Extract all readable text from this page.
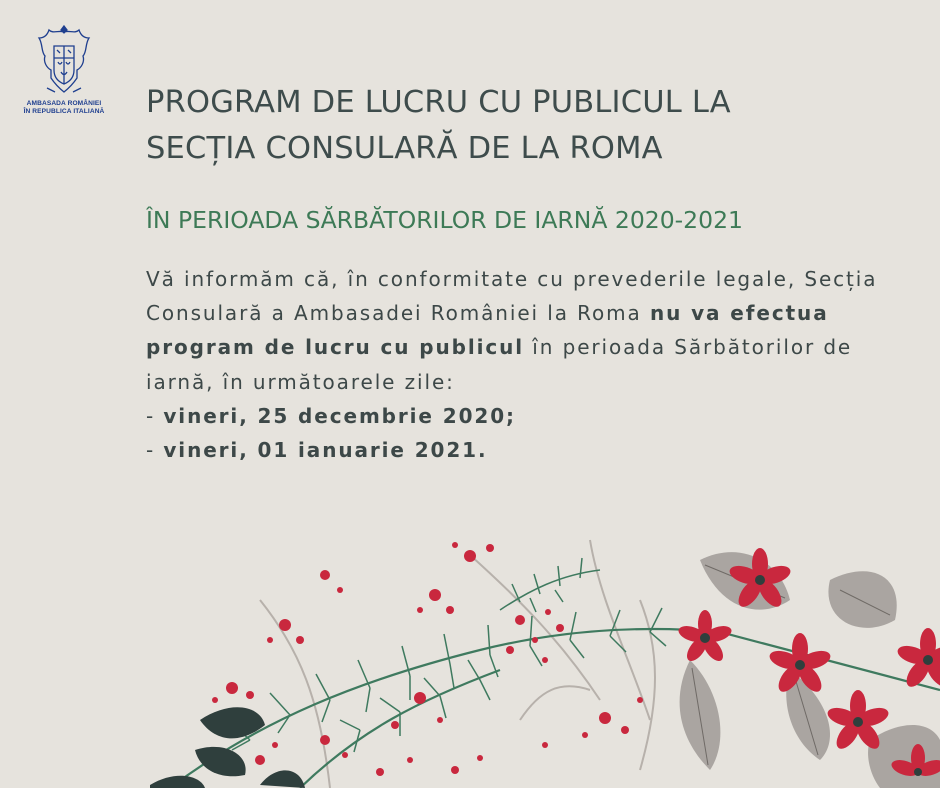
AMBASADA ROMÂNIEI
ÎN REPUBLICA ITALIANĂ PROGRAM DE LUCRU CU PUBLICUL LA
SECȚIA CONSULARĂ DE LA ROMA
ÎN PERIOADA SĂRBĂTORILOR DE IARNĂ 2020-2021

Vă informăm că, în conformitate cu prevederile legale, Secția Consulară a Ambasadei României la Roma nu va efectua program de lucru cu publicul în perioada Sărbătorilor de iarnă, în următoarele zile:

- vineri, 25 decembrie 2020;

- vineri, 01 ianuarie 2021.
